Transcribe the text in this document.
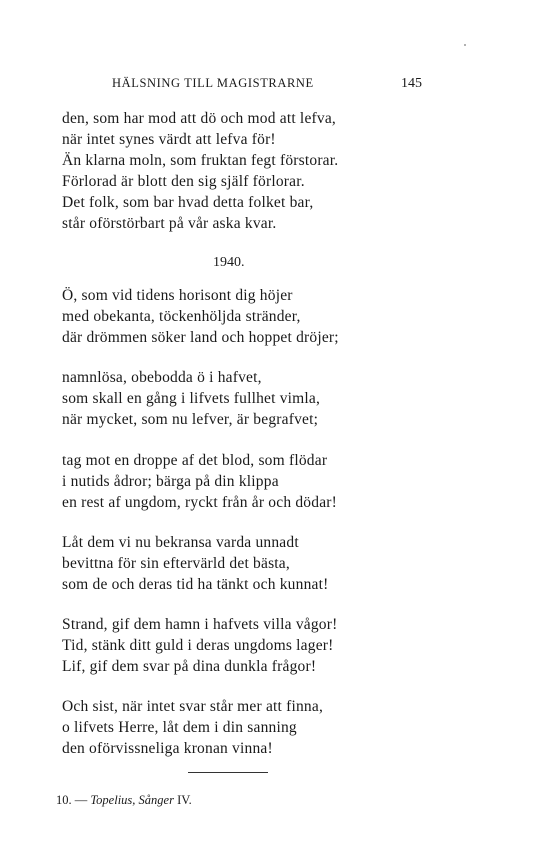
HÄLSNING TILL MAGISTRARNE	145
den, som har mod att dö och mod att lefva,
när intet synes värdt att lefva för!
Än klarna moln, som fruktan fegt förstorar.
Förlorad är blott den sig själf förlorar.
Det folk, som bar hvad detta folket bar,
står oförstörbart på vår aska kvar.
1940.
Ö, som vid tidens horisont dig höjer
med obekanta, töckenhöljda stränder,
där drömmen söker land och hoppet dröjer;
namnlösa, obebodda ö i hafvet,
som skall en gång i lifvets fullhet vimla,
när mycket, som nu lefver, är begrafvet;
tag mot en droppe af det blod, som flödar
i nutids ådror; bärga på din klippa
en rest af ungdom, ryckt från år och dödar!
Låt dem vi nu bekransa varda unnadt
bevittna för sin eftervärld det bästa,
som de och deras tid ha tänkt och kunnat!
Strand, gif dem hamn i hafvets villa vågor!
Tid, stänk ditt guld i deras ungdoms lager!
Lif, gif dem svar på dina dunkla frågor!
Och sist, när intet svar står mer att finna,
o lifvets Herre, låt dem i din sanning
den oförvissneliga kronan vinna!
10. — Topelius, Sånger IV.
